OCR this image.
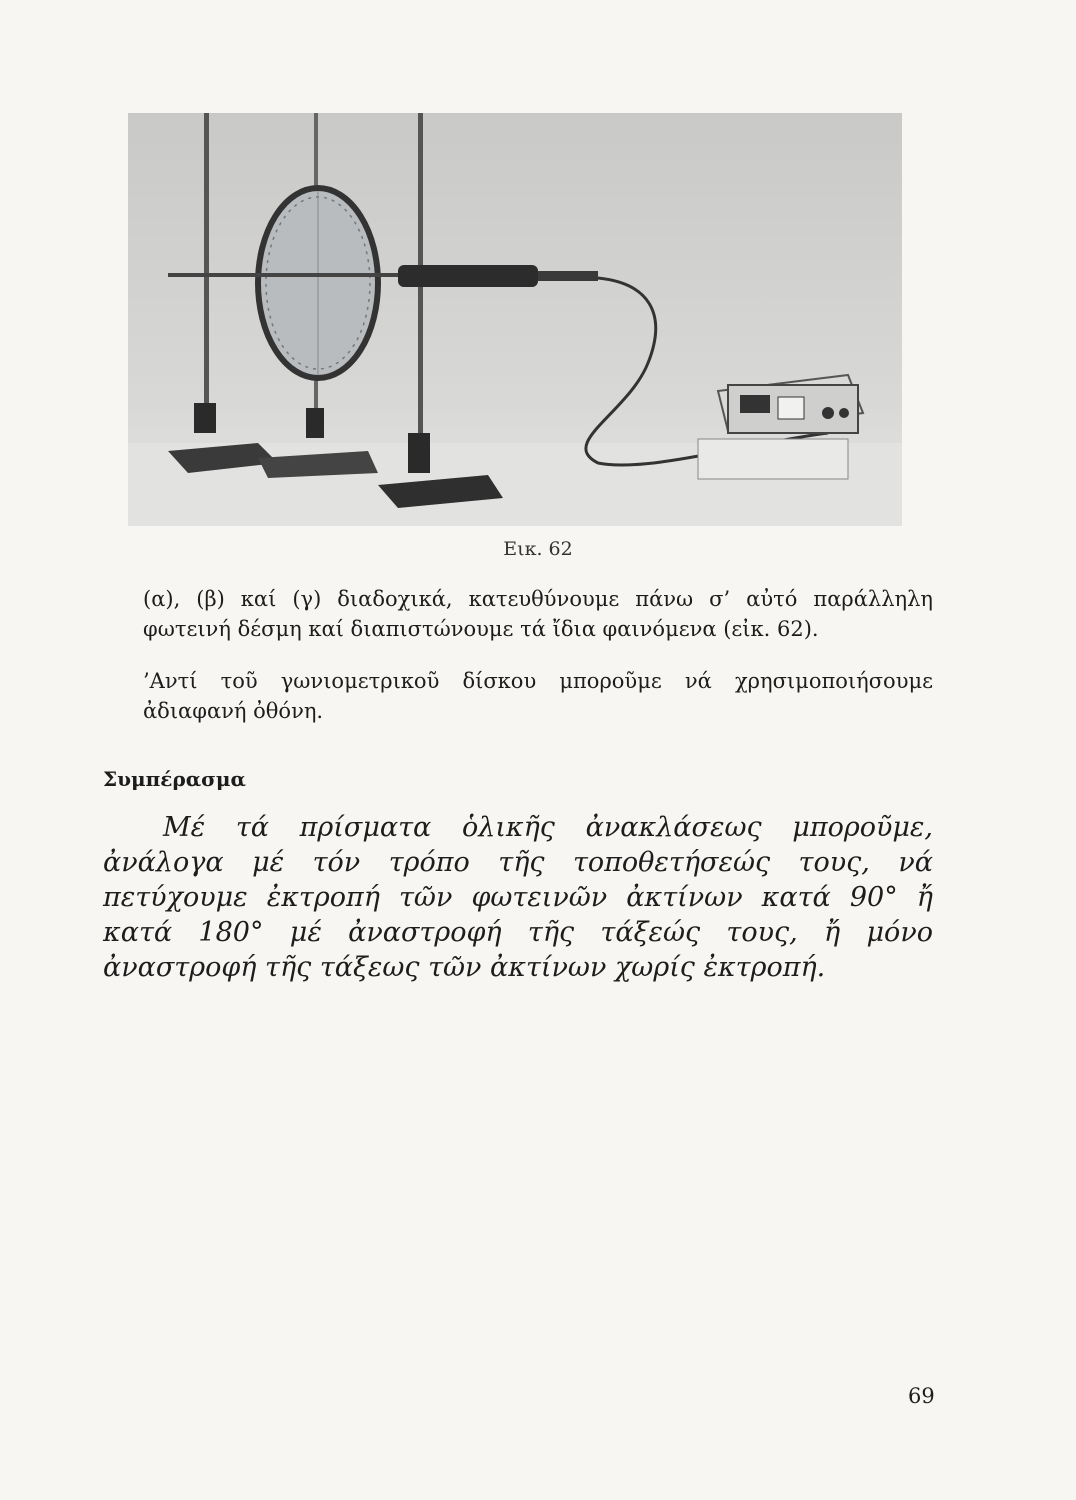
Εικ. 62

(α), (β) καί (γ) διαδοχικά, κατευθύνουμε πάνω σ’ αὐτό παράλληλη φωτεινή δέσμη καί διαπιστώνουμε τά ἴδια φαινόμενα (εἰκ. 62).

’Αντί τοῦ γωνιομετρικοῦ δίσκου μποροῦμε νά χρησιμοποιήσουμε ἀδιαφανή ὀθόνη.

Συμπέρασμα

Μέ τά πρίσματα ὁλικῆς ἀνακλάσεως μποροῦμε, ἀνάλογα μέ τόν τρόπο τῆς τοποθετήσεώς τους, νά πετύχουμε ἐκτροπή τῶν φωτεινῶν ἀκτίνων κατά 90° ἤ κατά 180° μέ ἀναστροφή τῆς τάξεώς τους, ἤ μόνο ἀναστροφή τῆς τάξεως τῶν ἀκτίνων χωρίς ἐκτροπή.

69
